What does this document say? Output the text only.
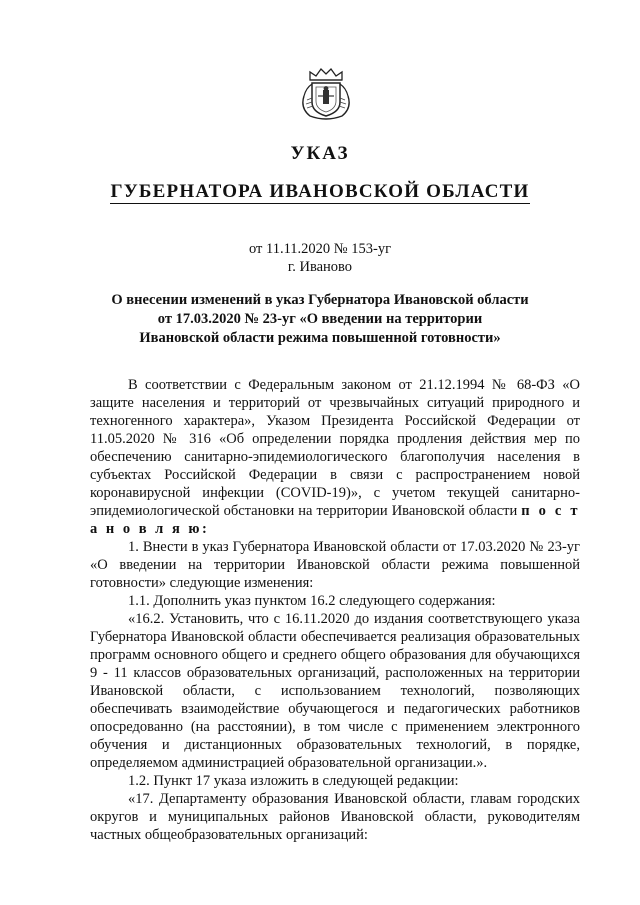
УКАЗ
ГУБЕРНАТОРА ИВАНОВСКОЙ ОБЛАСТИ
от 11.11.2020 № 153-уг
г. Иваново
О внесении изменений в указ Губернатора Ивановской области
от 17.03.2020 № 23-уг «О введении на территории
Ивановской области режима повышенной готовности»

В соответствии с Федеральным законом от 21.12.1994 № 68-ФЗ «О защите населения и территорий от чрезвычайных ситуаций природного и техногенного характера», Указом Президента Российской Федерации от 11.05.2020 № 316 «Об определении порядка продления действия мер по обеспечению санитарно-эпидемиологического благополучия населения в субъектах Российской Федерации в связи с распространением новой коронавирусной инфекции (COVID-19)», с учетом текущей санитарно-эпидемиологической обстановки на территории Ивановской области п о с т а н о в л я ю:

1. Внести в указ Губернатора Ивановской области от 17.03.2020 № 23-уг «О введении на территории Ивановской области режима повышенной готовности» следующие изменения:

1.1. Дополнить указ пунктом 16.2 следующего содержания:

«16.2. Установить, что с 16.11.2020 до издания соответствующего указа Губернатора Ивановской области обеспечивается реализация образовательных программ основного общего и среднего общего образования для обучающихся 9 - 11 классов образовательных организаций, расположенных на территории Ивановской области, с использованием технологий, позволяющих обеспечивать взаимодействие обучающегося и педагогических работников опосредованно (на расстоянии), в том числе с применением электронного обучения и дистанционных образовательных технологий, в порядке, определяемом администрацией образовательной организации.».

1.2. Пункт 17 указа изложить в следующей редакции:

«17. Департаменту образования Ивановской области, главам городских округов и муниципальных районов Ивановской области, руководителям частных общеобразовательных организаций:
